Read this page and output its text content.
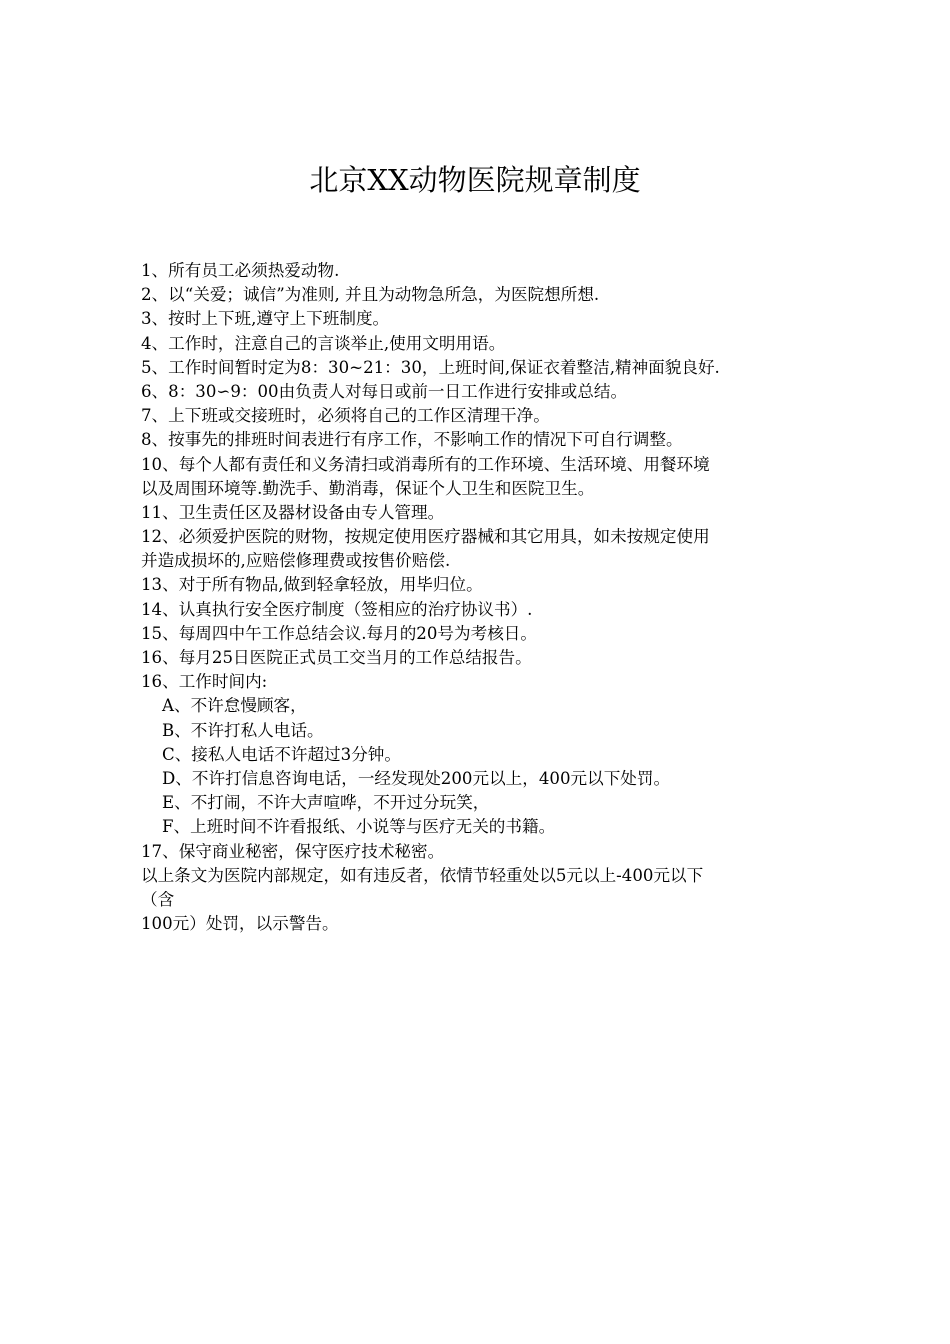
北京XX动物医院规章制度
1、所有员工必须热爱动物.
2、以“关爱；诚信”为准则, 并且为动物急所急，为医院想所想.
3、按时上下班,遵守上下班制度。
4、工作时，注意自己的言谈举止,使用文明用语。
5、工作时间暂时定为8：30~21：30，上班时间,保证衣着整洁,精神面貌良好.
6、8：30∽9：00由负责人对每日或前一日工作进行安排或总结。
7、上下班或交接班时，必须将自己的工作区清理干净。
8、按事先的排班时间表进行有序工作，不影响工作的情况下可自行调整。
10、每个人都有责任和义务清扫或消毒所有的工作环境、生活环境、用餐环境
以及周围环境等.勤洗手、勤消毒，保证个人卫生和医院卫生。
11、卫生责任区及器材设备由专人管理。
12、必须爱护医院的财物，按规定使用医疗器械和其它用具，如未按规定使用
并造成损坏的,应赔偿修理费或按售价赔偿.
13、对于所有物品,做到轻拿轻放，用毕归位。
14、认真执行安全医疗制度（签相应的治疗协议书）.
15、每周四中午工作总结会议.每月的20号为考核日。
16、每月25日医院正式员工交当月的工作总结报告。
16、工作时间内:
A、不许怠慢顾客，
B、不许打私人电话。
C、接私人电话不许超过3分钟。
D、不许打信息咨询电话，一经发现处200元以上，400元以下处罚。
E、不打闹，不许大声喧哗，不开过分玩笑，
F、上班时间不许看报纸、小说等与医疗无关的书籍。
17、保守商业秘密，保守医疗技术秘密。
以上条文为医院内部规定，如有违反者，依情节轻重处以5元以上-400元以下
（含
100元）处罚，以示警告。
